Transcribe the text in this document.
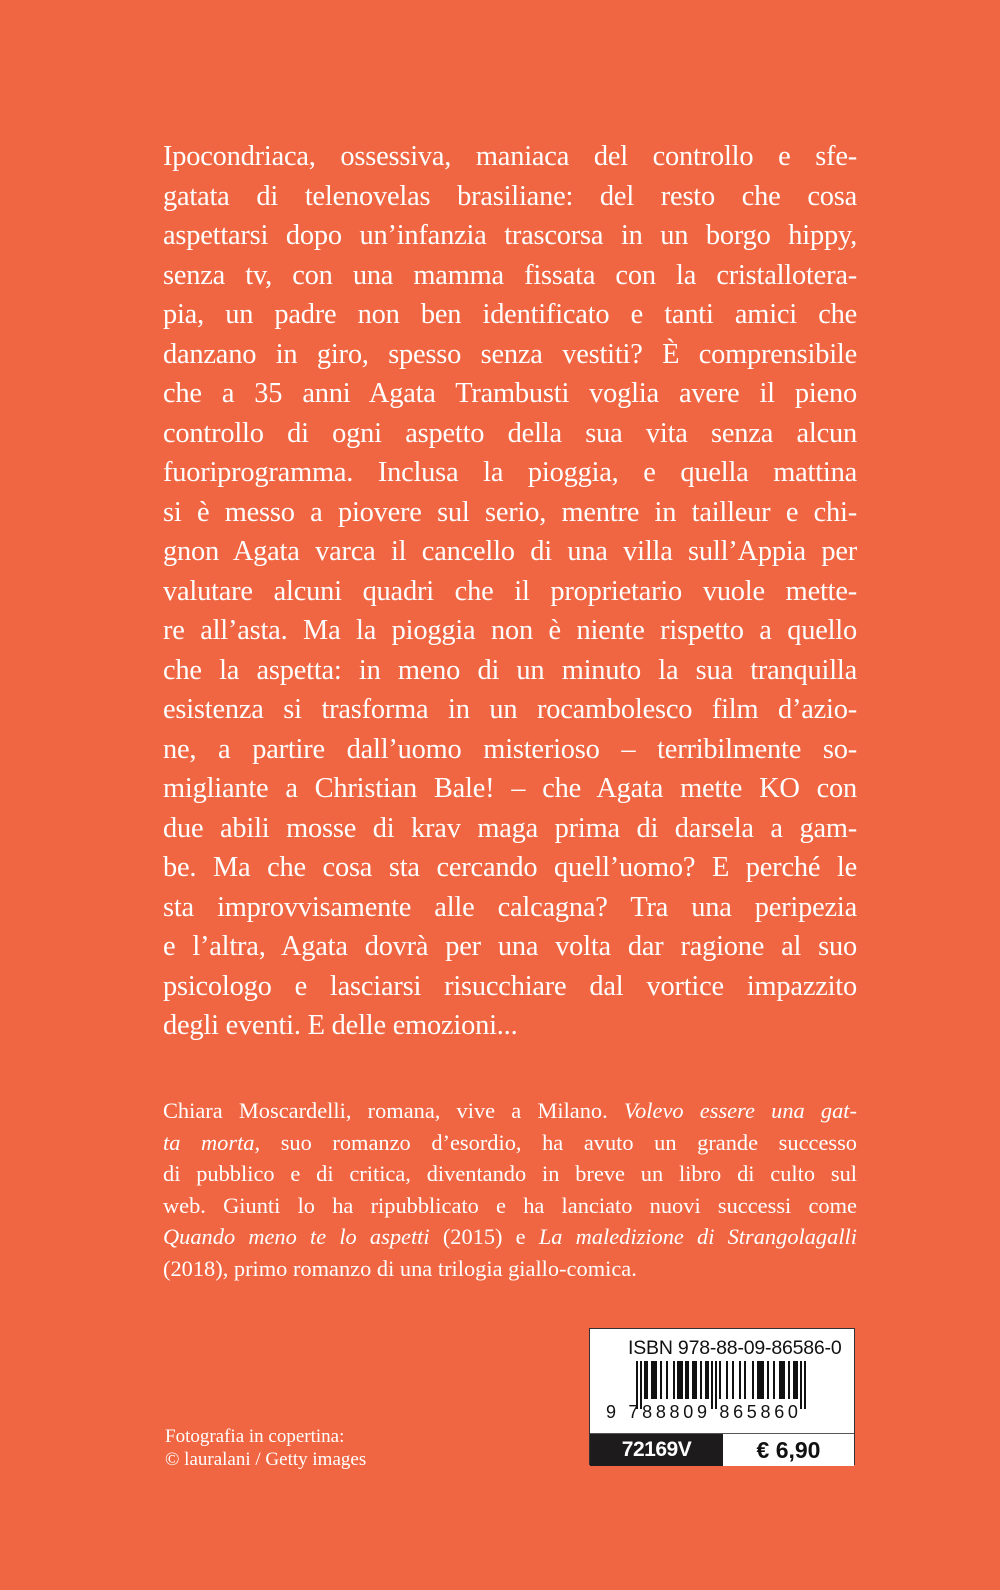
Ipocondriaca, ossessiva, maniaca del controllo e sfe-
gatata di telenovelas brasiliane: del resto che cosa
aspettarsi dopo un’infanzia trascorsa in un borgo hippy,
senza tv, con una mamma fissata con la cristallotera-
pia, un padre non ben identificato e tanti amici che
danzano in giro, spesso senza vestiti? È comprensibile
che a 35 anni Agata Trambusti voglia avere il pieno
controllo di ogni aspetto della sua vita senza alcun
fuoriprogramma. Inclusa la pioggia, e quella mattina
si è messo a piovere sul serio, mentre in tailleur e chi-
gnon Agata varca il cancello di una villa sull’Appia per
valutare alcuni quadri che il proprietario vuole mette-
re all’asta. Ma la pioggia non è niente rispetto a quello
che la aspetta: in meno di un minuto la sua tranquilla
esistenza si trasforma in un rocambolesco film d’azio-
ne, a partire dall’uomo misterioso – terribilmente so-
migliante a Christian Bale! – che Agata mette KO con
due abili mosse di krav maga prima di darsela a gam-
be. Ma che cosa sta cercando quell’uomo? E perché le
sta improvvisamente alle calcagna? Tra una peripezia
e l’altra, Agata dovrà per una volta dar ragione al suo
psicologo e lasciarsi risucchiare dal vortice impazzito
degli eventi. E delle emozioni...
Chiara Moscardelli, romana, vive a Milano. Volevo essere una gat-
ta morta, suo romanzo d’esordio, ha avuto un grande successo
di pubblico e di critica, diventando in breve un libro di culto sul
web. Giunti lo ha ripubblicato e ha lanciato nuovi successi come
Quando meno te lo aspetti (2015) e La maledizione di Strangolagalli
(2018), primo romanzo di una trilogia giallo-comica.
Fotografia in copertina:
© lauralani / Getty images
ISBN 978-88-09-86586-0
9 788809 865860
72169V	€ 6,90
